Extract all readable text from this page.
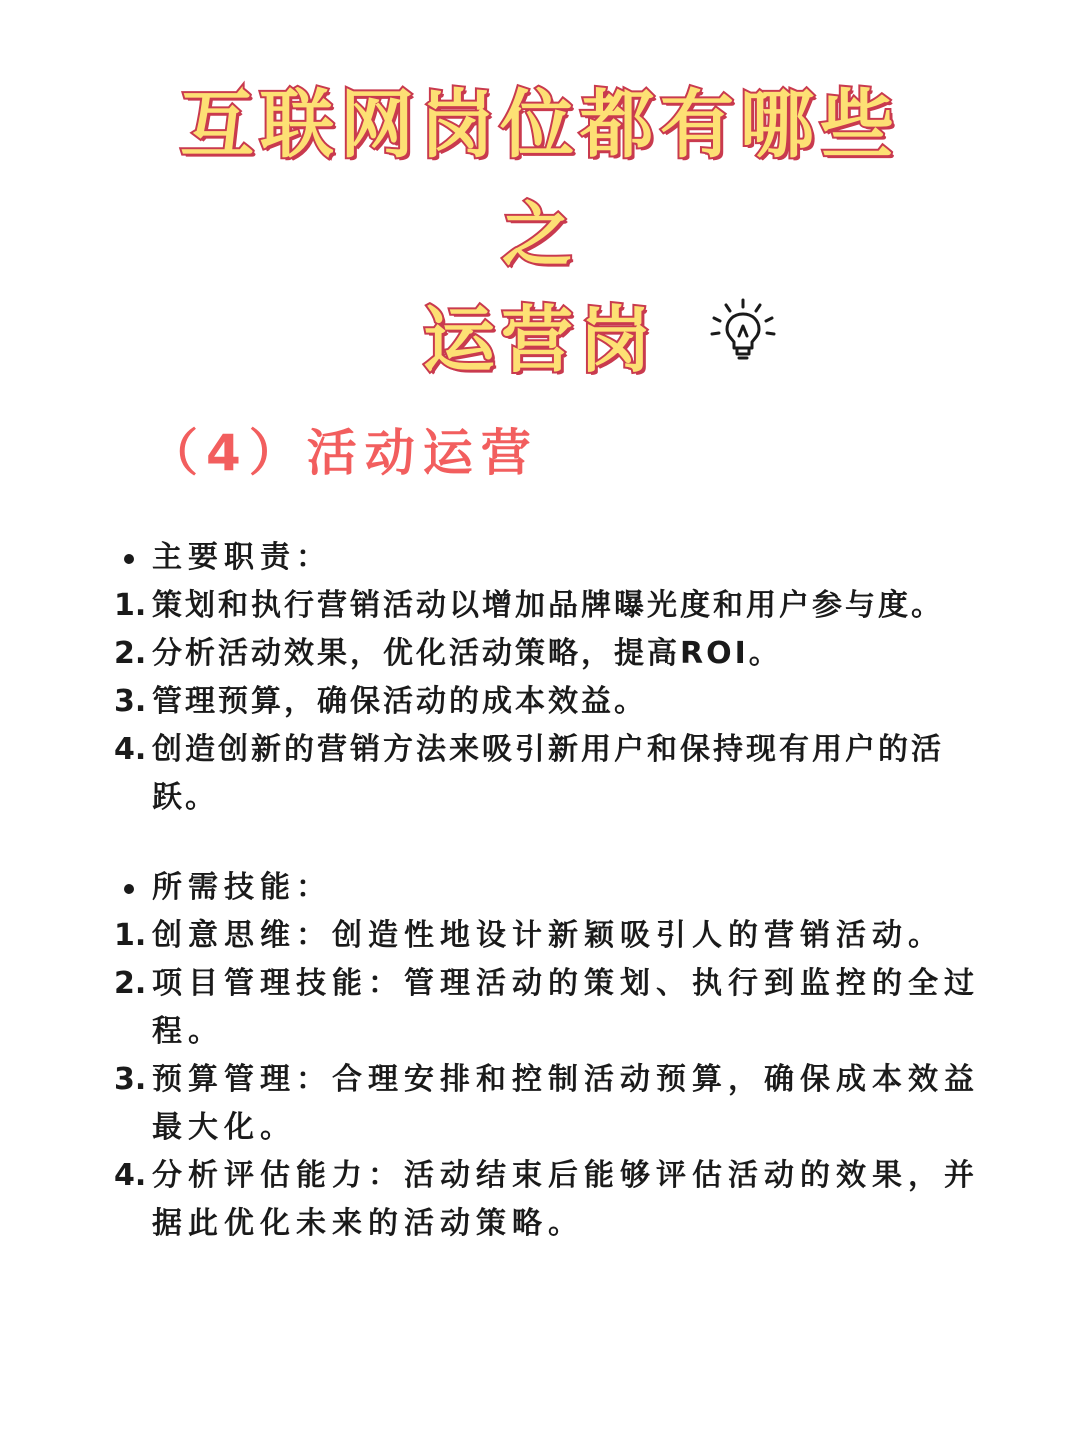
互联网岗位都有哪些
之
运营岗
（4）活动运营
主要职责：
1. 策划和执行营销活动以增加品牌曝光度和用户参与度。
2. 分析活动效果，优化活动策略，提高ROI。
3. 管理预算，确保活动的成本效益。
4. 创造创新的营销方法来吸引新用户和保持现有用户的活跃。
所需技能：
1. 创意思维：创造性地设计新颖吸引人的营销活动。
2. 项目管理技能：管理活动的策划、执行到监控的全过程。
3. 预算管理：合理安排和控制活动预算，确保成本效益最大化。
4. 分析评估能力：活动结束后能够评估活动的效果，并据此优化未来的活动策略。
